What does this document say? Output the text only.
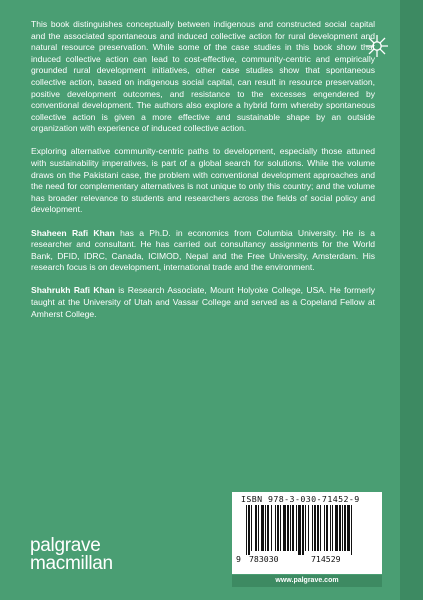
This book distinguishes conceptually between indigenous and constructed social capital and the associated spontaneous and induced collective action for rural development and natural resource preservation. While some of the case studies in this book show that induced collective action can lead to cost-effective, community-centric and empirically grounded rural development initiatives, other case studies show that spontaneous collective action, based on indigenous social capital, can result in resource preservation, positive development outcomes, and resistance to the excesses engendered by conventional development. The authors also explore a hybrid form whereby spontaneous collective action is given a more effective and sustainable shape by an outside organization with experience of induced collective action.

Exploring alternative community-centric paths to development, especially those attuned with sustainability imperatives, is part of a global search for solutions. While the volume draws on the Pakistani case, the problem with conventional development approaches and the need for complementary alternatives is not unique to only this country; and the volume has broader relevance to students and researchers across the fields of social policy and development.

Shaheen Rafi Khan has a Ph.D. in economics from Columbia University. He is a researcher and consultant. He has carried out consultancy assignments for the World Bank, DFID, IDRC, Canada, ICIMOD, Nepal and the Free University, Amsterdam. His research focus is on development, international trade and the environment.

Shahrukh Rafi Khan is Research Associate, Mount Holyoke College, USA. He formerly taught at the University of Utah and Vassar College and served as a Copeland Fellow at Amherst College.

ISBN 978-3-030-71452-9
9 783030	714529
www.palgrave.com
palgrave
macmillan
